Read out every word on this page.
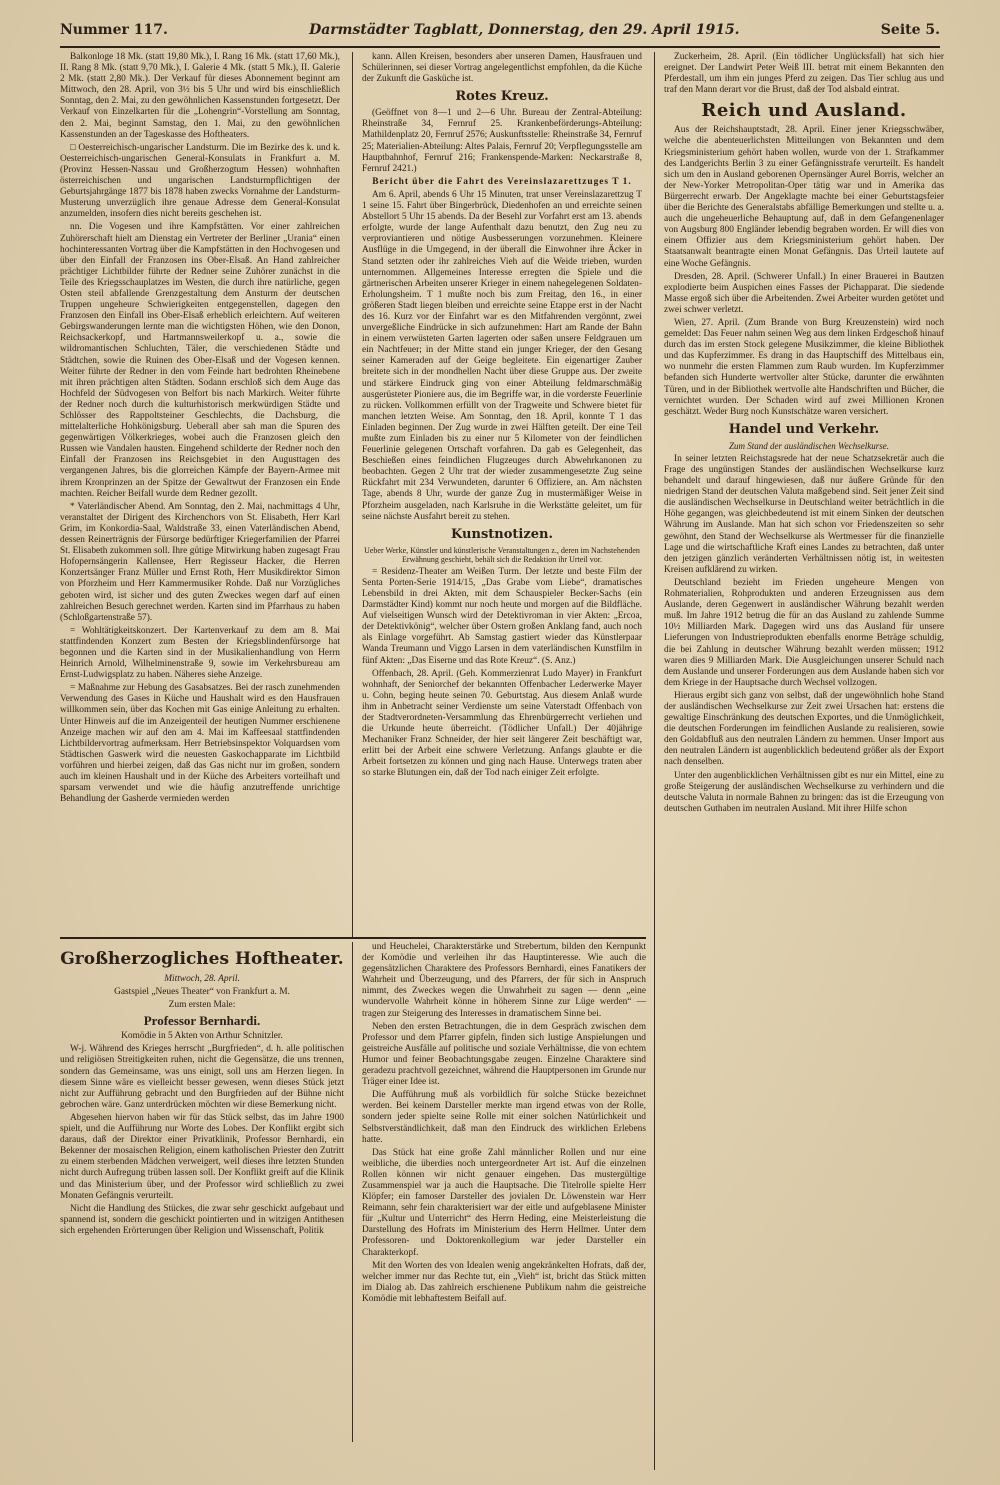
Nummer 117.	Darmstädter Tagblatt, Donnerstag, den 29. April 1915.	Seite 5.

Balkonloge 18 Mk. (statt 19,80 Mk.), I. Rang 16 Mk. (statt 17,60 Mk.), II. Rang 8 Mk. (statt 9,70 Mk.), I. Galerie 4 Mk. (statt 5 Mk.), II. Galerie 2 Mk. (statt 2,80 Mk.). Der Verkauf für dieses Abonnement beginnt am Mittwoch, den 28. April, von 3½ bis 5 Uhr und wird bis einschließlich Sonntag, den 2. Mai, zu den gewöhnlichen Kassenstunden fortgesetzt. Der Verkauf von Einzelkarten für die „Lohengrin“-Vorstellung am Sonntag, den 2. Mai, beginnt Samstag, den 1. Mai, zu den gewöhnlichen Kassenstunden an der Tageskasse des Hoftheaters.

□ Oesterreichisch-ungarischer Landsturm. Die im Bezirke des k. und k. Oesterreichisch-ungarischen General-Konsulats in Frankfurt a. M. (Provinz Hessen-Nassau und Großherzogtum Hessen) wohnhaften österreichischen und ungarischen Landsturmpflichtigen der Geburtsjahrgänge 1877 bis 1878 haben zwecks Vornahme der Landsturm-Musterung unverzüglich ihre genaue Adresse dem General-Konsulat anzumelden, insofern dies nicht bereits geschehen ist.

nn. Die Vogesen und ihre Kampfstätten. Vor einer zahlreichen Zuhörerschaft hielt am Dienstag ein Vertreter der Berliner „Urania“ einen hochinteressanten Vortrag über die Kampfstätten in den Hochvogesen und über den Einfall der Franzosen ins Ober-Elsaß. An Hand zahlreicher prächtiger Lichtbilder führte der Redner seine Zuhörer zunächst in die Teile des Kriegsschauplatzes im Westen, die durch ihre natürliche, gegen Osten steil abfallende Grenzgestaltung dem Ansturm der deutschen Truppen ungeheure Schwierigkeiten entgegenstellen, dagegen den Franzosen den Einfall ins Ober-Elsaß erheblich erleichtern. Auf weiteren Gebirgswanderungen lernte man die wichtigsten Höhen, wie den Donon, Reichsackerkopf, und Hartmannsweilerkopf u. a., sowie die wildromantischen Schluchten, Täler, die verschiedenen Städte und Städtchen, sowie die Ruinen des Ober-Elsaß und der Vogesen kennen. Weiter führte der Redner in den vom Feinde hart bedrohten Rheinebene mit ihren prächtigen alten Städten. Sodann erschloß sich dem Auge das Hochfeld der Südvogesen von Belfort bis nach Markirch. Weiter führte der Redner noch durch die kulturhistorisch merkwürdigen Städte und Schlösser des Rappoltsteiner Geschlechts, die Dachsburg, die mittelalterliche Hohkönigsburg. Ueberall aber sah man die Spuren des gegenwärtigen Völkerkrieges, wobei auch die Franzosen gleich den Russen wie Vandalen hausten. Eingehend schilderte der Redner noch den Einfall der Franzosen ins Reichsgebiet in den Augusttagen des vergangenen Jahres, bis die glorreichen Kämpfe der Bayern-Armee mit ihrem Kronprinzen an der Spitze der Gewaltwut der Franzosen ein Ende machten. Reicher Beifall wurde dem Redner gezollt.

* Vaterländischer Abend. Am Sonntag, den 2. Mai, nachmittags 4 Uhr, veranstaltet der Dirigent des Kirchenchors von St. Elisabeth, Herr Karl Grim, im Konkordia-Saal, Waldstraße 33, einen Vaterländischen Abend, dessen Reinerträgnis der Fürsorge bedürftiger Kriegerfamilien der Pfarrei St. Elisabeth zukommen soll. Ihre gütige Mitwirkung haben zugesagt Frau Hofopernsängerin Kallensee, Herr Regisseur Hacker, die Herren Konzertsänger Franz Müller und Ernst Roth, Herr Musikdirektor Simon von Pforzheim und Herr Kammermusiker Rohde. Daß nur Vorzügliches geboten wird, ist sicher und des guten Zweckes wegen darf auf einen zahlreichen Besuch gerechnet werden. Karten sind im Pfarrhaus zu haben (Schloßgartenstraße 57).

= Wohltätigkeitskonzert. Der Kartenverkauf zu dem am 8. Mai stattfindenden Konzert zum Besten der Kriegsblindenfürsorge hat begonnen und die Karten sind in der Musikalienhandlung von Herrn Heinrich Arnold, Wilhelminenstraße 9, sowie im Verkehrsbureau am Ernst-Ludwigsplatz zu haben. Näheres siehe Anzeige.

= Maßnahme zur Hebung des Gasabsatzes. Bei der rasch zunehmenden Verwendung des Gases in Küche und Haushalt wird es den Hausfrauen willkommen sein, über das Kochen mit Gas einige Anleitung zu erhalten. Unter Hinweis auf die im Anzeigenteil der heutigen Nummer erschienene Anzeige machen wir auf den am 4. Mai im Kaffeesaal stattfindenden Lichtbildervortrag aufmerksam. Herr Betriebsinspektor Volquardsen vom Städtischen Gaswerk wird die neuesten Gaskochapparate im Lichtbild vorführen und hierbei zeigen, daß das Gas nicht nur im großen, sondern auch im kleinen Haushalt und in der Küche des Arbeiters vorteilhaft und sparsam verwendet und wie die häufig anzutreffende unrichtige Behandlung der Gasherde vermieden werden

kann. Allen Kreisen, besonders aber unseren Damen, Hausfrauen und Schülerinnen, sei dieser Vortrag angelegentlichst empfohlen, da die Küche der Zukunft die Gasküche ist.

Rotes Kreuz.

(Geöffnet von 8—1 und 2—6 Uhr. Bureau der Zentral-Abteilung: Rheinstraße 34, Fernruf 25. Krankenbeförderungs-Abteilung: Mathildenplatz 20, Fernruf 2576; Auskunftsstelle: Rheinstraße 34, Fernruf 25; Materialien-Abteilung: Altes Palais, Fernruf 20; Verpflegungsstelle am Hauptbahnhof, Fernruf 216; Frankenspende-Marken: Neckarstraße 8, Fernruf 2421.)

Bericht über die Fahrt des Vereinslazarettzuges T 1.

Am 6. April, abends 6 Uhr 15 Minuten, trat unser Vereinslazarettzug T 1 seine 15. Fahrt über Bingerbrück, Diedenhofen an und erreichte seinen Abstellort 5 Uhr 15 abends. Da der Besehl zur Vorfahrt erst am 13. abends erfolgte, wurde der lange Aufenthalt dazu benutzt, den Zug neu zu verproviantieren und nötige Ausbesserungen vorzunehmen. Kleinere Ausflüge in die Umgegend, in der überall die Einwohner ihre Äcker in Stand setzten oder ihr zahlreiches Vieh auf die Weide trieben, wurden unternommen. Allgemeines Interesse erregten die Spiele und die gärtnerischen Arbeiten unserer Krieger in einem nahegelegenen Soldaten-Erholungsheim. T 1 mußte noch bis zum Freitag, den 16., in einer größeren Stadt liegen bleiben und erreichte seine Etappe erst in der Nacht des 16. Kurz vor der Einfahrt war es den Mitfahrenden vergönnt, zwei unvergeßliche Eindrücke in sich aufzunehmen: Hart am Rande der Bahn in einem verwüsteten Garten lagerten oder saßen unsere Feldgrauen um ein Nachtfeuer; in der Mitte stand ein junger Krieger, der den Gesang seiner Kameraden auf der Geige begleitete. Ein eigenartiger Zauber breitete sich in der mondhellen Nacht über diese Gruppe aus. Der zweite und stärkere Eindruck ging von einer Abteilung feldmarschmäßig ausgerüsteter Pioniere aus, die im Begriffe war, in die vorderste Feuerlinie zu rücken. Vollkommen erfüllt von der Tragweite und Schwere bietet für manchen letzten Weise. Am Sonntag, den 18. April, konnte T 1 das Einladen beginnen. Der Zug wurde in zwei Hälften geteilt. Der eine Teil mußte zum Einladen bis zu einer nur 5 Kilometer von der feindlichen Feuerlinie gelegenen Ortschaft vorfahren. Da gab es Gelegenheit, das Beschießen eines feindlichen Flugzeuges durch Abwehrkanonen zu beobachten. Gegen 2 Uhr trat der wieder zusammengesetzte Zug seine Rückfahrt mit 234 Verwundeten, darunter 6 Offiziere, an. Am nächsten Tage, abends 8 Uhr, wurde der ganze Zug in mustermäßiger Weise in Pforzheim ausgeladen, nach Karlsruhe in die Werkstätte geleitet, um für seine nächste Ausfahrt bereit zu stehen.

Kunstnotizen.

Ueber Werke, Künstler und künstlerische Veranstaltungen z., deren im Nachstehenden Erwähnung geschieht, behält sich die Redaktion ihr Urteil vor.

= Residenz-Theater am Weißen Turm. Der letzte und beste Film der Senta Porten-Serie 1914/15, „Das Grabe vom Liebe“, dramatisches Lebensbild in drei Akten, mit dem Schauspieler Becker-Sachs (ein Darmstädter Kind) kommt nur noch heute und morgen auf die Bildfläche. Auf vielseitigen Wunsch wird der Detektivroman in vier Akten: „Ercoa, der Detektivkönig“, welcher über Ostern großen Anklang fand, auch noch als Einlage vorgeführt. Ab Samstag gastiert wieder das Künstlerpaar Wanda Treumann und Viggo Larsen in dem vaterländischen Kunstfilm in fünf Akten: „Das Eiserne und das Rote Kreuz“. (S. Anz.)

Offenbach, 28. April. (Geh. Kommerzienrat Ludo Mayer) in Frankfurt wohnhaft, der Seniorchef der bekannten Offenbacher Lederwerke Mayer u. Cohn, beging heute seinen 70. Geburtstag. Aus diesem Anlaß wurde ihm in Anbetracht seiner Verdienste um seine Vaterstadt Offenbach von der Stadtverordneten-Versammlung das Ehrenbürgerrecht verliehen und die Urkunde heute überreicht. (Tödlicher Unfall.) Der 40jährige Mechaniker Franz Schneider, der hier seit längerer Zeit beschäftigt war, erlitt bei der Arbeit eine schwere Verletzung. Anfangs glaubte er die Arbeit fortsetzen zu können und ging nach Hause. Unterwegs traten aber so starke Blutungen ein, daß der Tod nach einiger Zeit erfolgte.

Zuckerheim, 28. April. (Ein tödlicher Unglücksfall) hat sich hier ereignet. Der Landwirt Peter Weiß III. betrat mit einem Bekannten den Pferdestall, um ihm ein junges Pferd zu zeigen. Das Tier schlug aus und traf den Mann derart vor die Brust, daß der Tod alsbald eintrat.

Reich und Ausland.

Aus der Reichshauptstadt, 28. April. Einer jener Kriegsschwäber, welche die abenteuerlichsten Mitteilungen von Bekannten und dem Kriegsministerium gehört haben wollen, wurde von der 1. Strafkammer des Landgerichts Berlin 3 zu einer Gefängnisstrafe verurteilt. Es handelt sich um den in Ausland geborenen Opernsänger Aurel Borris, welcher an der New-Yorker Metropolitan-Oper tätig war und in Amerika das Bürgerrecht erwarb. Der Angeklagte machte bei einer Geburtstagsfeier über die Berichte des Generalstabs abfällige Bemerkungen und stellte u. a. auch die ungeheuerliche Behauptung auf, daß in dem Gefangenenlager von Augsburg 800 Engländer lebendig begraben worden. Er will dies von einem Offizier aus dem Kriegsministerium gehört haben. Der Staatsanwalt beantragte einen Monat Gefängnis. Das Urteil lautete auf eine Woche Gefängnis.

Dresden, 28. April. (Schwerer Unfall.) In einer Brauerei in Bautzen explodierte beim Auspichen eines Fasses der Pichapparat. Die siedende Masse ergoß sich über die Arbeitenden. Zwei Arbeiter wurden getötet und zwei schwer verletzt.

Wien, 27. April. (Zum Brande von Burg Kreuzenstein) wird noch gemeldet: Das Feuer nahm seinen Weg aus dem linken Erdgeschoß hinauf durch das im ersten Stock gelegene Musikzimmer, die kleine Bibliothek und das Kupferzimmer. Es drang in das Hauptschiff des Mittelbaus ein, wo nunmehr die ersten Flammen zum Raub wurden. Im Kupferzimmer befanden sich Hunderte wertvoller alter Stücke, darunter die erwähnten Türen, und in der Bibliothek wertvolle alte Handschriften und Bücher, die vernichtet wurden. Der Schaden wird auf zwei Millionen Kronen geschätzt. Weder Burg noch Kunstschätze waren versichert.

Handel und Verkehr.

Zum Stand der ausländischen Wechselkurse.

In seiner letzten Reichstagsrede hat der neue Schatzsekretär auch die Frage des ungünstigen Standes der ausländischen Wechselkurse kurz behandelt und darauf hingewiesen, daß nur äußere Gründe für den niedrigen Stand der deutschen Valuta maßgebend sind. Seit jener Zeit sind die ausländischen Wechselkurse in Deutschland weiter beträchtlich in die Höhe gegangen, was gleichbedeutend ist mit einem Sinken der deutschen Währung im Auslande. Man hat sich schon vor Friedenszeiten so sehr gewöhnt, den Stand der Wechselkurse als Wertmesser für die finanzielle Lage und die wirtschaftliche Kraft eines Landes zu betrachten, daß unter den jetzigen gänzlich veränderten Verhältnissen nötig ist, in weitesten Kreisen aufklärend zu wirken.

Deutschland bezieht im Frieden ungeheure Mengen von Rohmaterialien, Rohprodukten und anderen Erzeugnissen aus dem Auslande, deren Gegenwert in ausländischer Währung bezahlt werden muß. Im Jahre 1912 betrug die für an das Ausland zu zahlende Summe 10½ Milliarden Mark. Dagegen wird uns das Ausland für unsere Lieferungen von Industrieprodukten ebenfalls enorme Beträge schuldig, die bei Zahlung in deutscher Währung bezahlt werden müssen; 1912 waren dies 9 Milliarden Mark. Die Ausgleichungen unserer Schuld nach dem Auslande und unserer Forderungen aus dem Auslande haben sich vor dem Kriege in der Hauptsache durch Wechsel vollzogen.

Hieraus ergibt sich ganz von selbst, daß der ungewöhnlich hohe Stand der ausländischen Wechselkurse zur Zeit zwei Ursachen hat: erstens die gewaltige Einschränkung des deutschen Exportes, und die Unmöglichkeit, die deutschen Forderungen im feindlichen Auslande zu realisieren, sowie den Goldabfluß aus den neutralen Ländern zu hemmen. Unser Import aus den neutralen Ländern ist augenblicklich bedeutend größer als der Export nach denselben.

Unter den augenblicklichen Verhältnissen gibt es nur ein Mittel, eine zu große Steigerung der ausländischen Wechselkurse zu verhindern und die deutsche Valuta in normale Bahnen zu bringen: das ist die Erzeugung von deutschen Guthaben im neutralen Ausland. Mit ihrer Hilfe schon

Großherzogliches Hoftheater.

Mittwoch, 28. April.

Gastspiel „Neues Theater“ von Frankfurt a. M.

Zum ersten Male:

Professor Bernhardi.

Komödie in 5 Akten von Arthur Schnitzler.

W-j. Während des Krieges herrscht „Burgfrieden“, d. h. alle politischen und religiösen Streitigkeiten ruhen, nicht die Gegensätze, die uns trennen, sondern das Gemeinsame, was uns einigt, soll uns am Herzen liegen. In diesem Sinne wäre es vielleicht besser gewesen, wenn dieses Stück jetzt nicht zur Aufführung gebracht und den Burgfrieden auf der Bühne nicht gebrochen wäre. Ganz unterdrücken möchten wir diese Bemerkung nicht.

Abgesehen hiervon haben wir für das Stück selbst, das im Jahre 1900 spielt, und die Aufführung nur Worte des Lobes. Der Konflikt ergibt sich daraus, daß der Direktor einer Privatklinik, Professor Bernhardi, ein Bekenner der mosaischen Religion, einem katholischen Priester den Zutritt zu einem sterbenden Mädchen verweigert, weil dieses ihre letzten Stunden nicht durch Aufregung trüben lassen soll. Der Konflikt greift auf die Klinik und das Ministerium über, und der Professor wird schließlich zu zwei Monaten Gefängnis verurteilt.

Nicht die Handlung des Stückes, die zwar sehr geschickt aufgebaut und spannend ist, sondern die geschickt pointierten und in witzigen Antithesen sich ergehenden Erörterungen über Religion und Wissenschaft, Politik

und Heuchelei, Charakterstärke und Strebertum, bilden den Kernpunkt der Komödie und verleihen ihr das Hauptinteresse. Wie auch die gegensätzlichen Charaktere des Professors Bernhardi, eines Fanatikers der Wahrheit und Überzeugung, und des Pfarrers, der für sich in Anspruch nimmt, des Zweckes wegen die Unwahrheit zu sagen — denn „eine wundervolle Wahrheit könne in höherem Sinne zur Lüge werden“ — tragen zur Steigerung des Interesses in dramatischem Sinne bei.

Neben den ersten Betrachtungen, die in dem Gespräch zwischen dem Professor und dem Pfarrer gipfeln, finden sich lustige Anspielungen und geistreiche Ausfälle auf politische und soziale Verhältnisse, die von echtem Humor und feiner Beobachtungsgabe zeugen. Einzelne Charaktere sind geradezu prachtvoll gezeichnet, während die Hauptpersonen im Grunde nur Träger einer Idee ist.

Die Aufführung muß als vorbildlich für solche Stücke bezeichnet werden. Bei keinem Darsteller merkte man irgend etwas von der Rolle, sondern jeder spielte seine Rolle mit einer solchen Natürlichkeit und Selbstverständlichkeit, daß man den Eindruck des wirklichen Erlebens hatte.

Das Stück hat eine große Zahl männlicher Rollen und nur eine weibliche, die überdies noch untergeordneter Art ist. Auf die einzelnen Rollen können wir nicht genauer eingehen. Das mustergültige Zusammenspiel war ja auch die Hauptsache. Die Titelrolle spielte Herr Klöpfer; ein famoser Darsteller des jovialen Dr. Löwenstein war Herr Reimann, sehr fein charakterisiert war der eitle und aufgeblasene Minister für „Kultur und Unterricht“ des Herrn Heding, eine Meisterleistung die Darstellung des Hofrats im Ministerium des Herrn Hellmer. Unter dem Professoren- und Doktorenkollegium war jeder Darsteller ein Charakterkopf.

Mit den Worten des von Idealen wenig angekränkelten Hofrats, daß der, welcher immer nur das Rechte tut, ein „Vieh“ ist, bricht das Stück mitten im Dialog ab. Das zahlreich erschienene Publikum nahm die geistreiche Komödie mit lebhaftestem Beifall auf.
